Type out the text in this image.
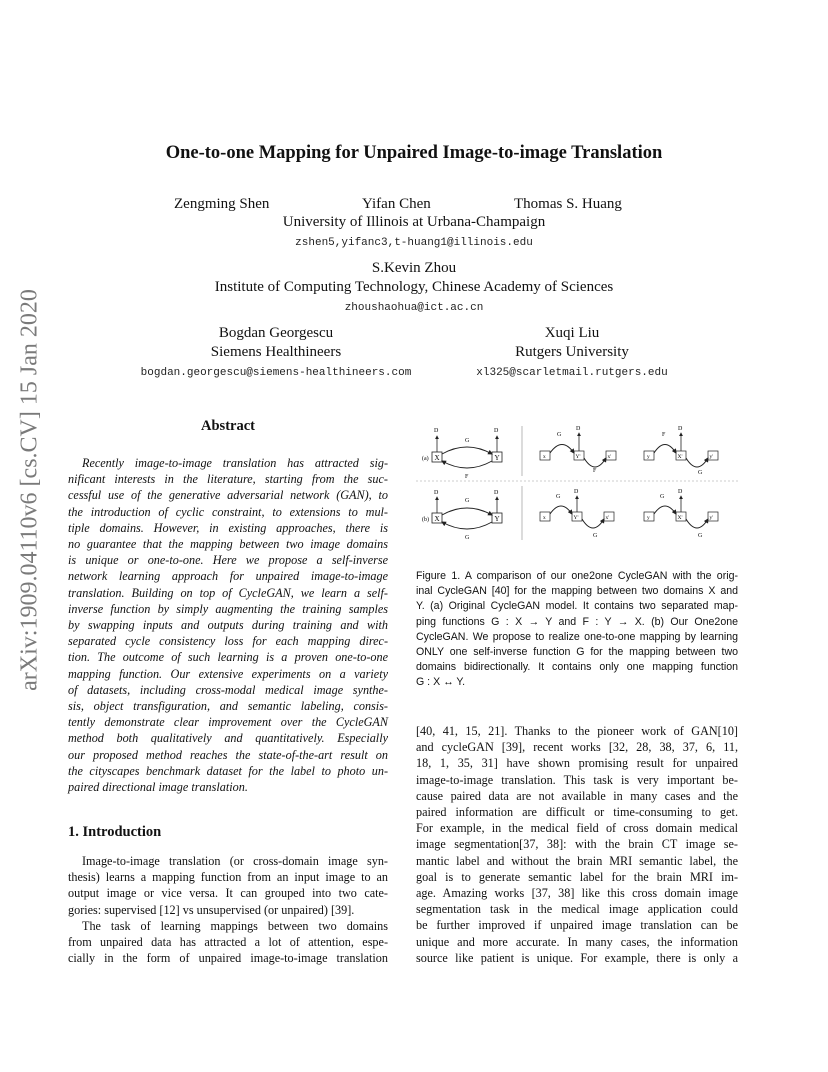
arXiv:1909.04110v6 [cs.CV] 15 Jan 2020
One-to-one Mapping for Unpaired Image-to-image Translation
Zengming Shen	Yifan Chen	Thomas S. Huang
University of Illinois at Urbana-Champaign
zshen5,yifanc3,t-huang1@illinois.edu
S.Kevin Zhou
Institute of Computing Technology, Chinese Academy of Sciences
zhoushaohua@ict.ac.cn
Bogdan Georgescu
Siemens Healthineers
bogdan.georgescu@siemens-healthineers.com
Xuqi Liu
Rutgers University
xl325@scarletmail.rutgers.edu
Abstract
Recently image-to-image translation has attracted sig-
nificant interests in the literature, starting from the suc-
cessful use of the generative adversarial network (GAN), to
the introduction of cyclic constraint, to extensions to mul-
tiple domains. However, in existing approaches, there is
no guarantee that the mapping between two image domains
is unique or one-to-one. Here we propose a self-inverse
network learning approach for unpaired image-to-image
translation. Building on top of CycleGAN, we learn a self-
inverse function by simply augmenting the training samples
by swapping inputs and outputs during training and with
separated cycle consistency loss for each mapping direc-
tion. The outcome of such learning is a proven one-to-one
mapping function. Our extensive experiments on a variety
of datasets, including cross-modal medical image synthe-
sis, object transfiguration, and semantic labeling, consis-
tently demonstrate clear improvement over the CycleGAN
method both qualitatively and quantitatively. Especially
our proposed method reaches the state-of-the-art result on
the cityscapes benchmark dataset for the label to photo un-
paired directional image translation.
1. Introduction
Image-to-image translation (or cross-domain image syn-
thesis) learns a mapping function from an input image to an
output image or vice versa. It can grouped into two cate-
gories: supervised [12] vs unsupervised (or unpaired) [39].
The task of learning mappings between two domains
from unpaired data has attracted a lot of attention, espe-
cially in the form of unpaired image-to-image translation
(a) X	Y
G
F
D	D
x	Y'	x'
G
F
D
y	X'	y'
F
G
D
(b) X	Y
G
G
D	D
x	Y'	x'
G
G
D
y	X'	y'
G
G
D
Figure 1. A comparison of our one2one CycleGAN with the orig-
inal CycleGAN [40] for the mapping between two domains X and
Y. (a) Original CycleGAN model. It contains two separated map-
ping functions G : X → Y and F : Y → X. (b) Our One2one
CycleGAN. We propose to realize one-to-one mapping by learning
ONLY one self-inverse function G for the mapping between two
domains bidirectionally. It contains only one mapping function
G : X ↔ Y.
[40, 41, 15, 21]. Thanks to the pioneer work of GAN[10]
and cycleGAN [39], recent works [32, 28, 38, 37, 6, 11,
18, 1, 35, 31] have shown promising result for unpaired
image-to-image translation. This task is very important be-
cause paired data are not available in many cases and the
paired information are difficult or time-consuming to get.
For example, in the medical field of cross domain medical
image segmentation[37, 38]: with the brain CT image se-
mantic label and without the brain MRI semantic label, the
goal is to generate semantic label for the brain MRI im-
age. Amazing works [37, 38] like this cross domain image
segmentation task in the medical image application could
be further improved if unpaired image translation can be
unique and more accurate. In many cases, the information
source like patient is unique. For example, there is only a
